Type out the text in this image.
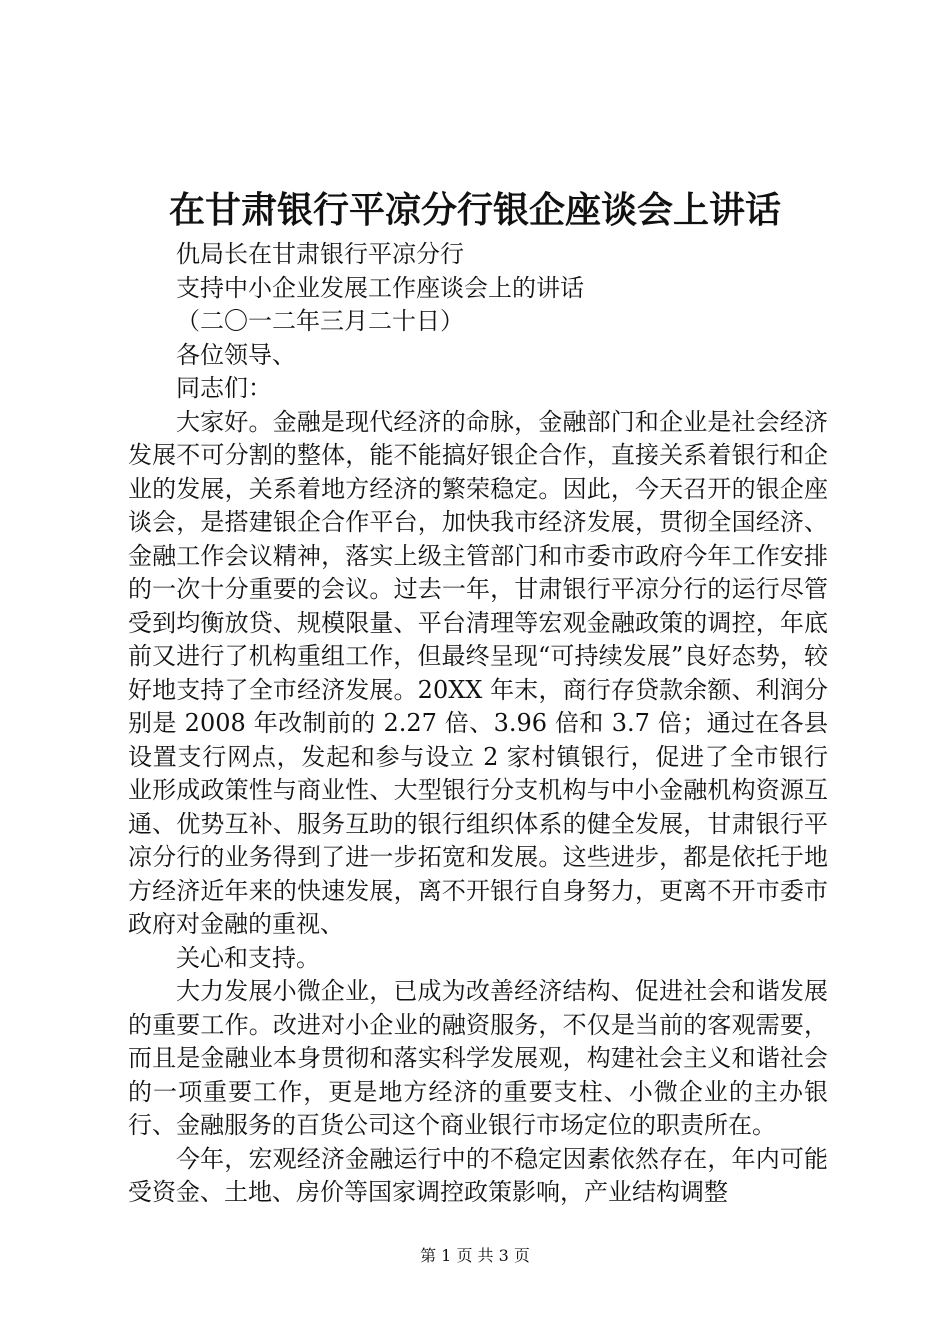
在甘肃银行平凉分行银企座谈会上讲话

仇局长在甘肃银行平凉分行

支持中小企业发展工作座谈会上的讲话

（二〇一二年三月二十日）

各位领导、

同志们：

大家好。金融是现代经济的命脉，金融部门和企业是社会经济发展不可分割的整体，能不能搞好银企合作，直接关系着银行和企业的发展，关系着地方经济的繁荣稳定。因此，今天召开的银企座谈会，是搭建银企合作平台，加快我市经济发展，贯彻全国经济、金融工作会议精神，落实上级主管部门和市委市政府今年工作安排的一次十分重要的会议。过去一年，甘肃银行平凉分行的运行尽管受到均衡放贷、规模限量、平台清理等宏观金融政策的调控，年底前又进行了机构重组工作，但最终呈现“可持续发展”良好态势，较好地支持了全市经济发展。20XX 年末，商行存贷款余额、利润分别是 2008 年改制前的 2.27 倍、3.96 倍和 3.7 倍；通过在各县设置支行网点，发起和参与设立 2 家村镇银行，促进了全市银行业形成政策性与商业性、大型银行分支机构与中小金融机构资源互通、优势互补、服务互助的银行组织体系的健全发展，甘肃银行平凉分行的业务得到了进一步拓宽和发展。这些进步，都是依托于地方经济近年来的快速发展，离不开银行自身努力，更离不开市委市政府对金融的重视、

关心和支持。

大力发展小微企业，已成为改善经济结构、促进社会和谐发展的重要工作。改进对小企业的融资服务，不仅是当前的客观需要，而且是金融业本身贯彻和落实科学发展观，构建社会主义和谐社会的一项重要工作，更是地方经济的重要支柱、小微企业的主办银行、金融服务的百货公司这个商业银行市场定位的职责所在。

今年，宏观经济金融运行中的不稳定因素依然存在，年内可能受资金、土地、房价等国家调控政策影响，产业结构调整

第 1 页 共 3 页
